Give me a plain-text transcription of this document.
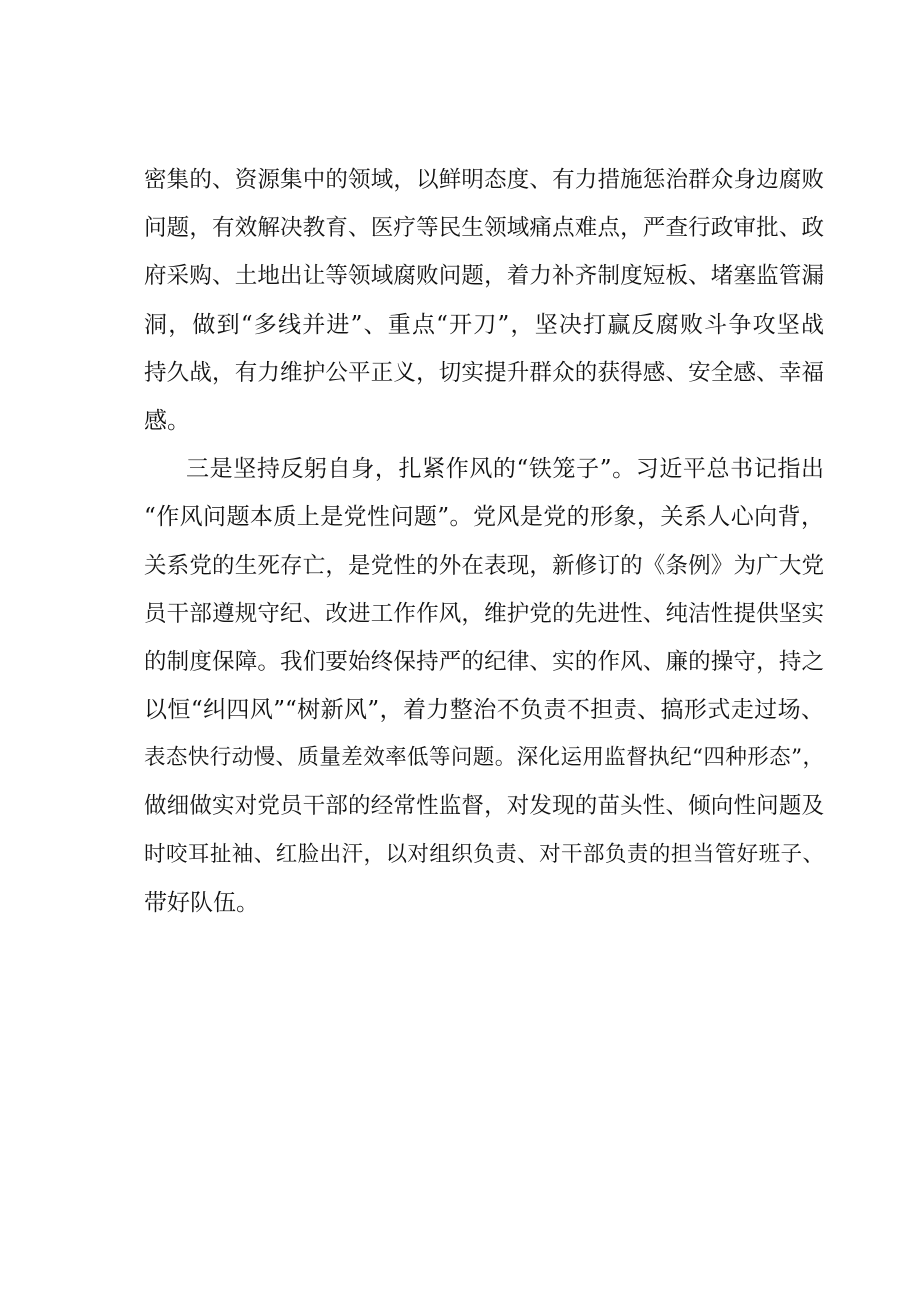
密集的、资源集中的领域，以鲜明态度、有力措施惩治群众身边腐败
问题，有效解决教育、医疗等民生领域痛点难点，严查行政审批、政
府采购、土地出让等领域腐败问题，着力补齐制度短板、堵塞监管漏
洞，做到“多线并进”、重点“开刀”，坚决打赢反腐败斗争攻坚战
持久战，有力维护公平正义，切实提升群众的获得感、安全感、幸福
感。
三是坚持反躬自身，扎紧作风的“铁笼子”。习近平总书记指出
“作风问题本质上是党性问题”。党风是党的形象，关系人心向背，
关系党的生死存亡，是党性的外在表现，新修订的《条例》为广大党
员干部遵规守纪、改进工作作风，维护党的先进性、纯洁性提供坚实
的制度保障。我们要始终保持严的纪律、实的作风、廉的操守，持之
以恒“纠四风”“树新风”，着力整治不负责不担责、搞形式走过场、
表态快行动慢、质量差效率低等问题。深化运用监督执纪“四种形态”，
做细做实对党员干部的经常性监督，对发现的苗头性、倾向性问题及
时咬耳扯袖、红脸出汗，以对组织负责、对干部负责的担当管好班子、
带好队伍。
